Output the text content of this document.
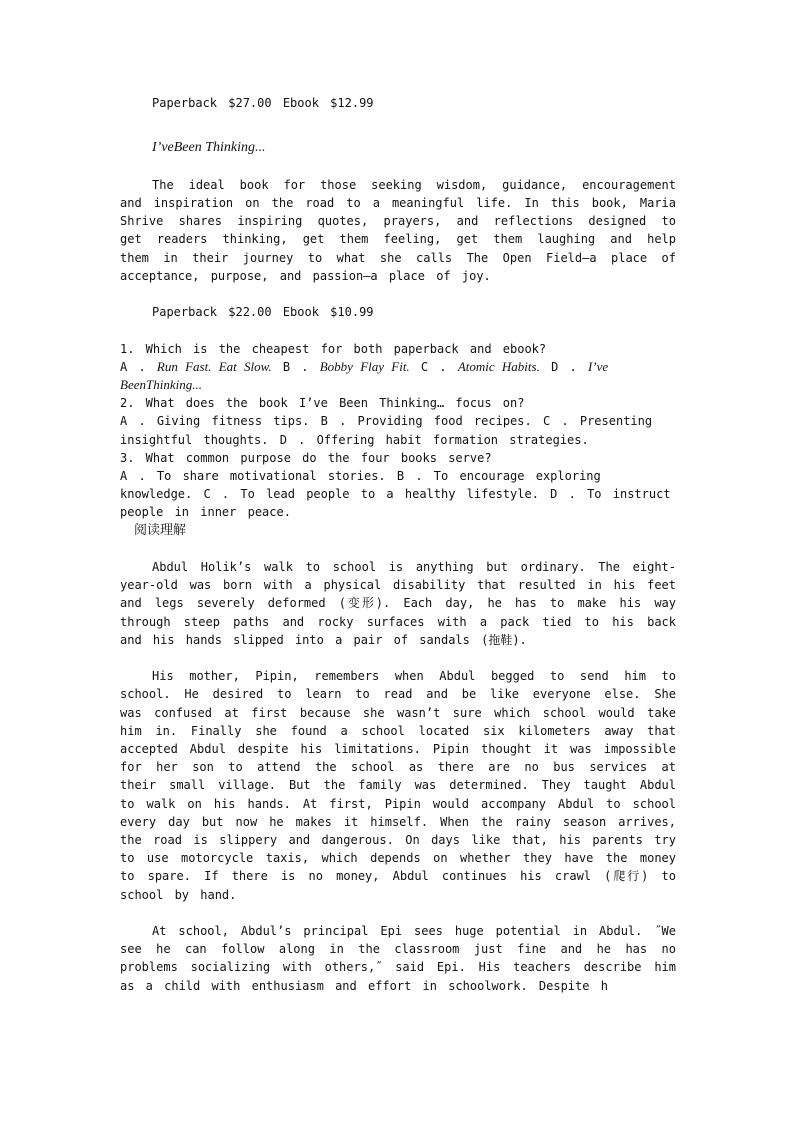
Paperback $27.00 Ebook $12.99

I’veBeen Thinking...

The ideal book for those seeking wisdom, guidance, encouragement and inspiration on the road to a meaningful life. In this book, Maria Shrive shares inspiring quotes, prayers, and reflections designed to get readers thinking, get them feeling, get them laughing and help them in their journey to what she calls The Open Field—a place of acceptance, purpose, and passion—a place of joy.

Paperback $22.00 Ebook $10.99

1. Which is the cheapest for both paperback and ebook?

A . Run Fast. Eat Slow. B . Bobby Flay Fit. C . Atomic Habits. D . I’ve BeenThinking...

2. What does the book I’ve Been Thinking… focus on?

A . Giving fitness tips. B . Providing food recipes. C . Presenting insightful thoughts. D . Offering habit formation strategies.

3. What common purpose do the four books serve?

A . To share motivational stories. B . To encourage exploring knowledge. C . To lead people to a healthy lifestyle. D . To instruct people in inner peace.

阅读理解

Abdul Holik’s walk to school is anything but ordinary. The eight-year-old was born with a physical disability that resulted in his feet and legs severely deformed (变形). Each day, he has to make his way through steep paths and rocky surfaces with a pack tied to his back and his hands slipped into a pair of sandals (拖鞋).

His mother, Pipin, remembers when Abdul begged to send him to school. He desired to learn to read and be like everyone else. She was confused at first because she wasn’t sure which school would take him in. Finally she found a school located six kilometers away that accepted Abdul despite his limitations. Pipin thought it was impossible for her son to attend the school as there are no bus services at their small village. But the family was determined. They taught Abdul to walk on his hands. At first, Pipin would accompany Abdul to school every day but now he makes it himself. When the rainy season arrives, the road is slippery and dangerous. On days like that, his parents try to use motorcycle taxis, which depends on whether they have the money to spare. If there is no money, Abdul continues his crawl (爬行) to school by hand.

At school, Abdul’s principal Epi sees huge potential in Abdul. ˝We see he can follow along in the classroom just fine and he has no problems socializing with others,˝ said Epi. His teachers describe him as a child with enthusiasm and effort in schoolwork. Despite h
